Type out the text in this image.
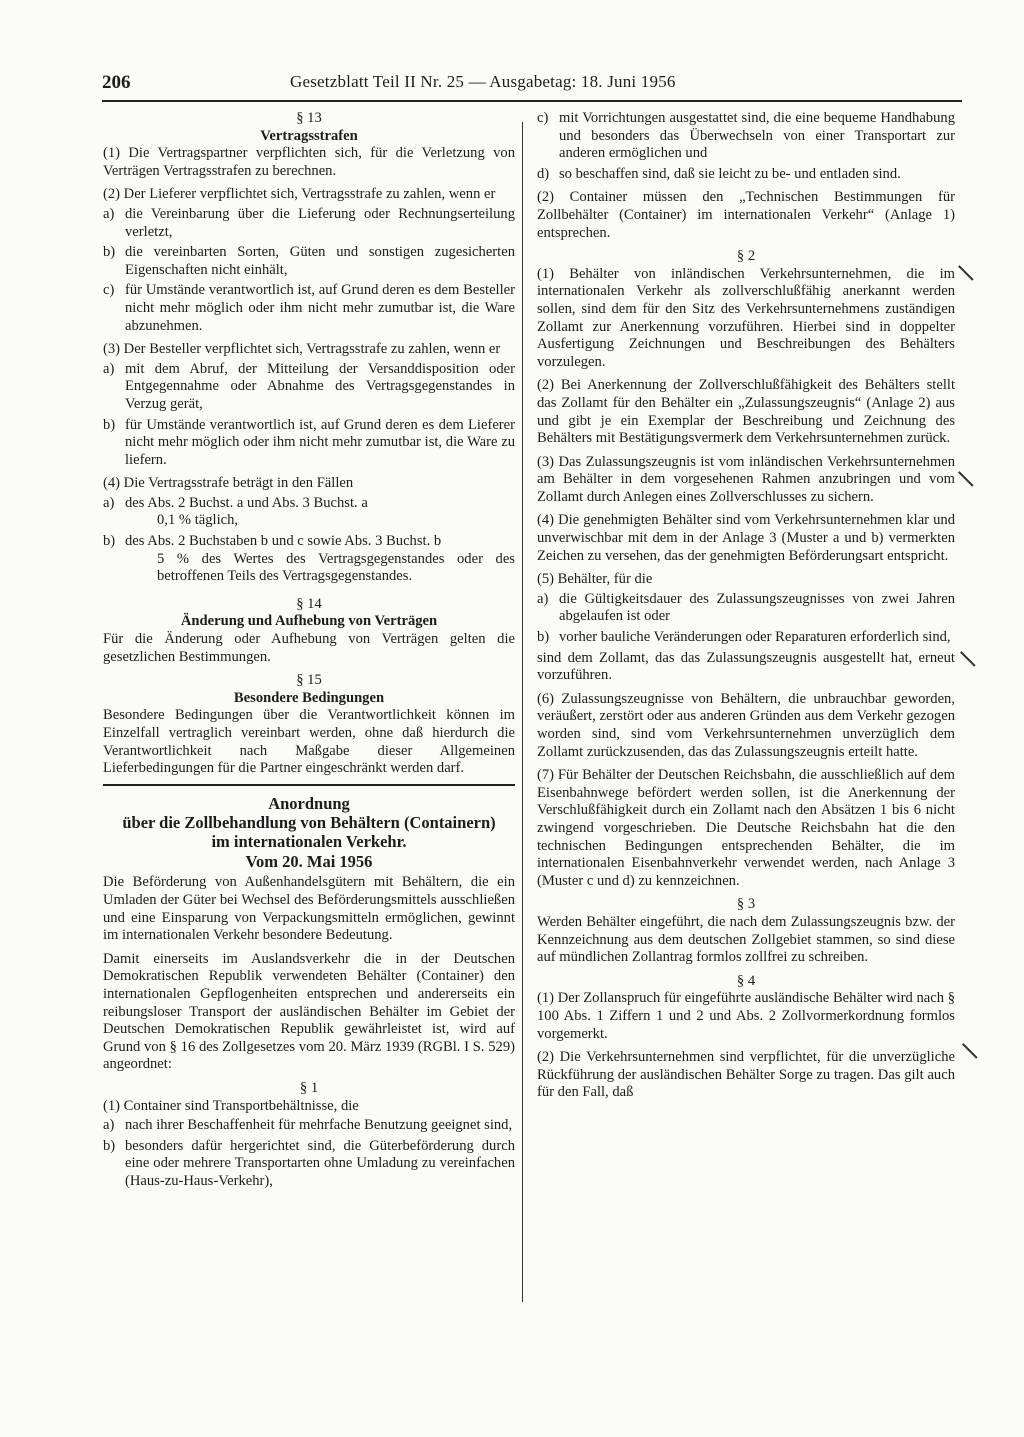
206	Gesetzblatt Teil II Nr. 25 — Ausgabetag: 18. Juni 1956
§ 13
Vertragsstrafen

(1) Die Vertragspartner verpflichten sich, für die Verletzung von Verträgen Vertragsstrafen zu berechnen.

(2) Der Lieferer verpflichtet sich, Vertragsstrafe zu zahlen, wenn er

a) die Vereinbarung über die Lieferung oder Rechnungserteilung verletzt,
b) die vereinbarten Sorten, Güten und sonstigen zugesicherten Eigenschaften nicht einhält,
c) für Umstände verantwortlich ist, auf Grund deren es dem Besteller nicht mehr möglich oder ihm nicht mehr zumutbar ist, die Ware abzunehmen.

(3) Der Besteller verpflichtet sich, Vertragsstrafe zu zahlen, wenn er

a) mit dem Abruf, der Mitteilung der Versanddisposition oder Entgegennahme oder Abnahme des Vertragsgegenstandes in Verzug gerät,
b) für Umstände verantwortlich ist, auf Grund deren es dem Lieferer nicht mehr möglich oder ihm nicht mehr zumutbar ist, die Ware zu liefern.

(4) Die Vertragsstrafe beträgt in den Fällen

a) des Abs. 2 Buchst. a und Abs. 3 Buchst. a
0,1 % täglich,
b) des Abs. 2 Buchstaben b und c sowie Abs. 3 Buchst. b
5 % des Wertes des Vertragsgegenstandes oder des betroffenen Teils des Vertragsgegenstandes.
§ 14
Änderung und Aufhebung von Verträgen

Für die Änderung oder Aufhebung von Verträgen gelten die gesetzlichen Bestimmungen.

§ 15
Besondere Bedingungen

Besondere Bedingungen über die Verantwortlichkeit können im Einzelfall vertraglich vereinbart werden, ohne daß hierdurch die Verantwortlichkeit nach Maßgabe dieser Allgemeinen Lieferbedingungen für die Partner eingeschränkt werden darf.

Anordnung
über die Zollbehandlung von Behältern (Containern)
im internationalen Verkehr.
Vom 20. Mai 1956

Die Beförderung von Außenhandelsgütern mit Behältern, die ein Umladen der Güter bei Wechsel des Beförderungsmittels ausschließen und eine Einsparung von Verpackungsmitteln ermöglichen, gewinnt im internationalen Verkehr besondere Bedeutung.

Damit einerseits im Auslandsverkehr die in der Deutschen Demokratischen Republik verwendeten Behälter (Container) den internationalen Gepflogenheiten entsprechen und andererseits ein reibungsloser Transport der ausländischen Behälter im Gebiet der Deutschen Demokratischen Republik gewährleistet ist, wird auf Grund von § 16 des Zollgesetzes vom 20. März 1939 (RGBl. I S. 529) angeordnet:

§ 1

(1) Container sind Transportbehältnisse, die

a) nach ihrer Beschaffenheit für mehrfache Benutzung geeignet sind,
b) besonders dafür hergerichtet sind, die Güterbeförderung durch eine oder mehrere Transportarten ohne Umladung zu vereinfachen (Haus-zu-Haus-Verkehr),
c) mit Vorrichtungen ausgestattet sind, die eine bequeme Handhabung und besonders das Überwechseln von einer Transportart zur anderen ermöglichen und
d) so beschaffen sind, daß sie leicht zu be- und entladen sind.

(2) Container müssen den „Technischen Bestimmungen für Zollbehälter (Container) im internationalen Verkehr“ (Anlage 1) entsprechen.

§ 2

(1) Behälter von inländischen Verkehrsunternehmen, die im internationalen Verkehr als zollverschlußfähig anerkannt werden sollen, sind dem für den Sitz des Verkehrsunternehmens zuständigen Zollamt zur Anerkennung vorzuführen. Hierbei sind in doppelter Ausfertigung Zeichnungen und Beschreibungen des Behälters vorzulegen.

(2) Bei Anerkennung der Zollverschlußfähigkeit des Behälters stellt das Zollamt für den Behälter ein „Zulassungszeugnis“ (Anlage 2) aus und gibt je ein Exemplar der Beschreibung und Zeichnung des Behälters mit Bestätigungsvermerk dem Verkehrsunternehmen zurück.

(3) Das Zulassungszeugnis ist vom inländischen Verkehrsunternehmen am Behälter in dem vorgesehenen Rahmen anzubringen und vom Zollamt durch Anlegen eines Zollverschlusses zu sichern.

(4) Die genehmigten Behälter sind vom Verkehrsunternehmen klar und unverwischbar mit dem in der Anlage 3 (Muster a und b) vermerkten Zeichen zu versehen, das der genehmigten Beförderungsart entspricht.

(5) Behälter, für die

a) die Gültigkeitsdauer des Zulassungszeugnisses von zwei Jahren abgelaufen ist oder
b) vorher bauliche Veränderungen oder Reparaturen erforderlich sind,

sind dem Zollamt, das das Zulassungszeugnis ausgestellt hat, erneut vorzuführen.

(6) Zulassungszeugnisse von Behältern, die unbrauchbar geworden, veräußert, zerstört oder aus anderen Gründen aus dem Verkehr gezogen worden sind, sind vom Verkehrsunternehmen unverzüglich dem Zollamt zurückzusenden, das das Zulassungszeugnis erteilt hatte.

(7) Für Behälter der Deutschen Reichsbahn, die ausschließlich auf dem Eisenbahnwege befördert werden sollen, ist die Anerkennung der Verschlußfähigkeit durch ein Zollamt nach den Absätzen 1 bis 6 nicht zwingend vorgeschrieben. Die Deutsche Reichsbahn hat die den technischen Bedingungen entsprechenden Behälter, die im internationalen Eisenbahnverkehr verwendet werden, nach Anlage 3 (Muster c und d) zu kennzeichnen.

§ 3

Werden Behälter eingeführt, die nach dem Zulassungszeugnis bzw. der Kennzeichnung aus dem deutschen Zollgebiet stammen, so sind diese auf mündlichen Zollantrag formlos zollfrei zu schreiben.

§ 4

(1) Der Zollanspruch für eingeführte ausländische Behälter wird nach § 100 Abs. 1 Ziffern 1 und 2 und Abs. 2 Zollvormerkordnung formlos vorgemerkt.

(2) Die Verkehrsunternehmen sind verpflichtet, für die unverzügliche Rückführung der ausländischen Behälter Sorge zu tragen. Das gilt auch für den Fall, daß
